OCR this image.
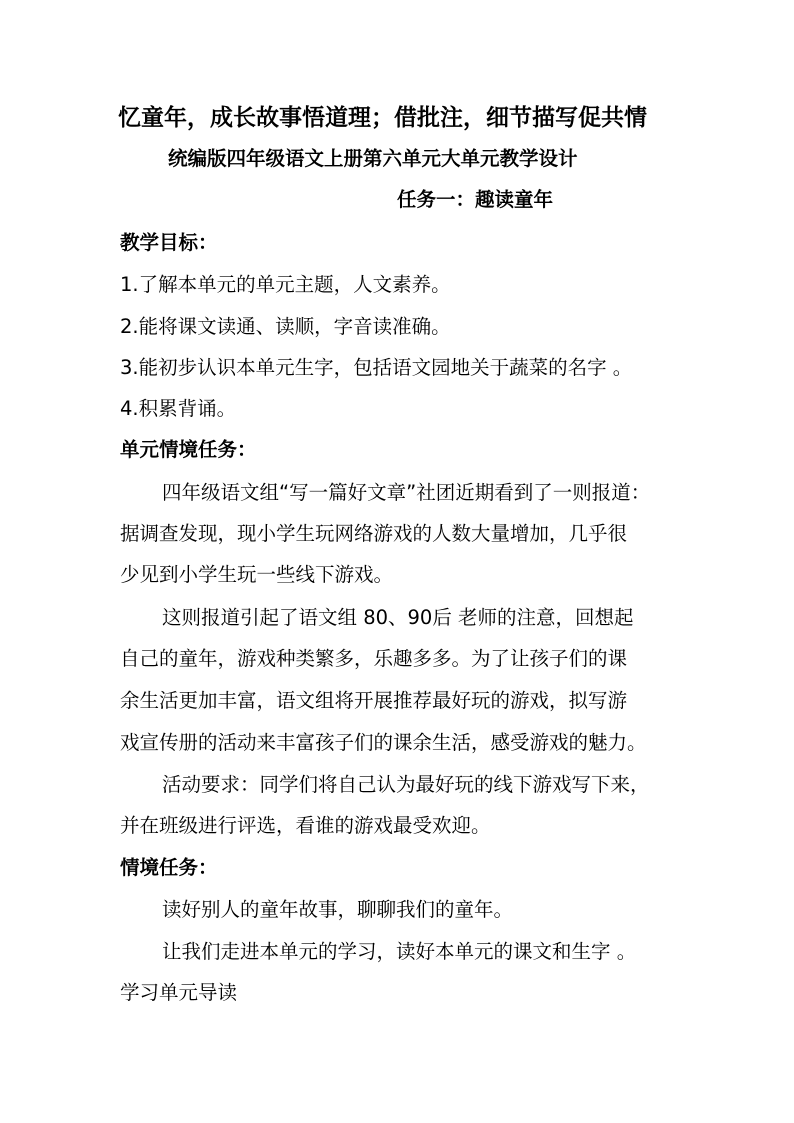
忆童年，成长故事悟道理；借批注，细节描写促共情
统编版四年级语文上册第六单元大单元教学设计
任务一：趣读童年
教学目标：
1.了解本单元的单元主题，人文素养。
2.能将课文读通、读顺，字音读准确。
3.能初步认识本单元生字，包括语文园地关于蔬菜的名字 。
4.积累背诵。
单元情境任务：
四年级语文组“写一篇好文章”社团近期看到了一则报道：
据调查发现，现小学生玩网络游戏的人数大量增加，几乎很
少见到小学生玩一些线下游戏。
这则报道引起了语文组 80、90后 老师的注意，回想起
自己的童年，游戏种类繁多，乐趣多多。为了让孩子们的课
余生活更加丰富，语文组将开展推荐最好玩的游戏，拟写游
戏宣传册的活动来丰富孩子们的课余生活，感受游戏的魅力。
活动要求：同学们将自己认为最好玩的线下游戏写下来，
并在班级进行评选，看谁的游戏最受欢迎。
情境任务：
读好别人的童年故事，聊聊我们的童年。
让我们走进本单元的学习，读好本单元的课文和生字 。
学习单元导读
